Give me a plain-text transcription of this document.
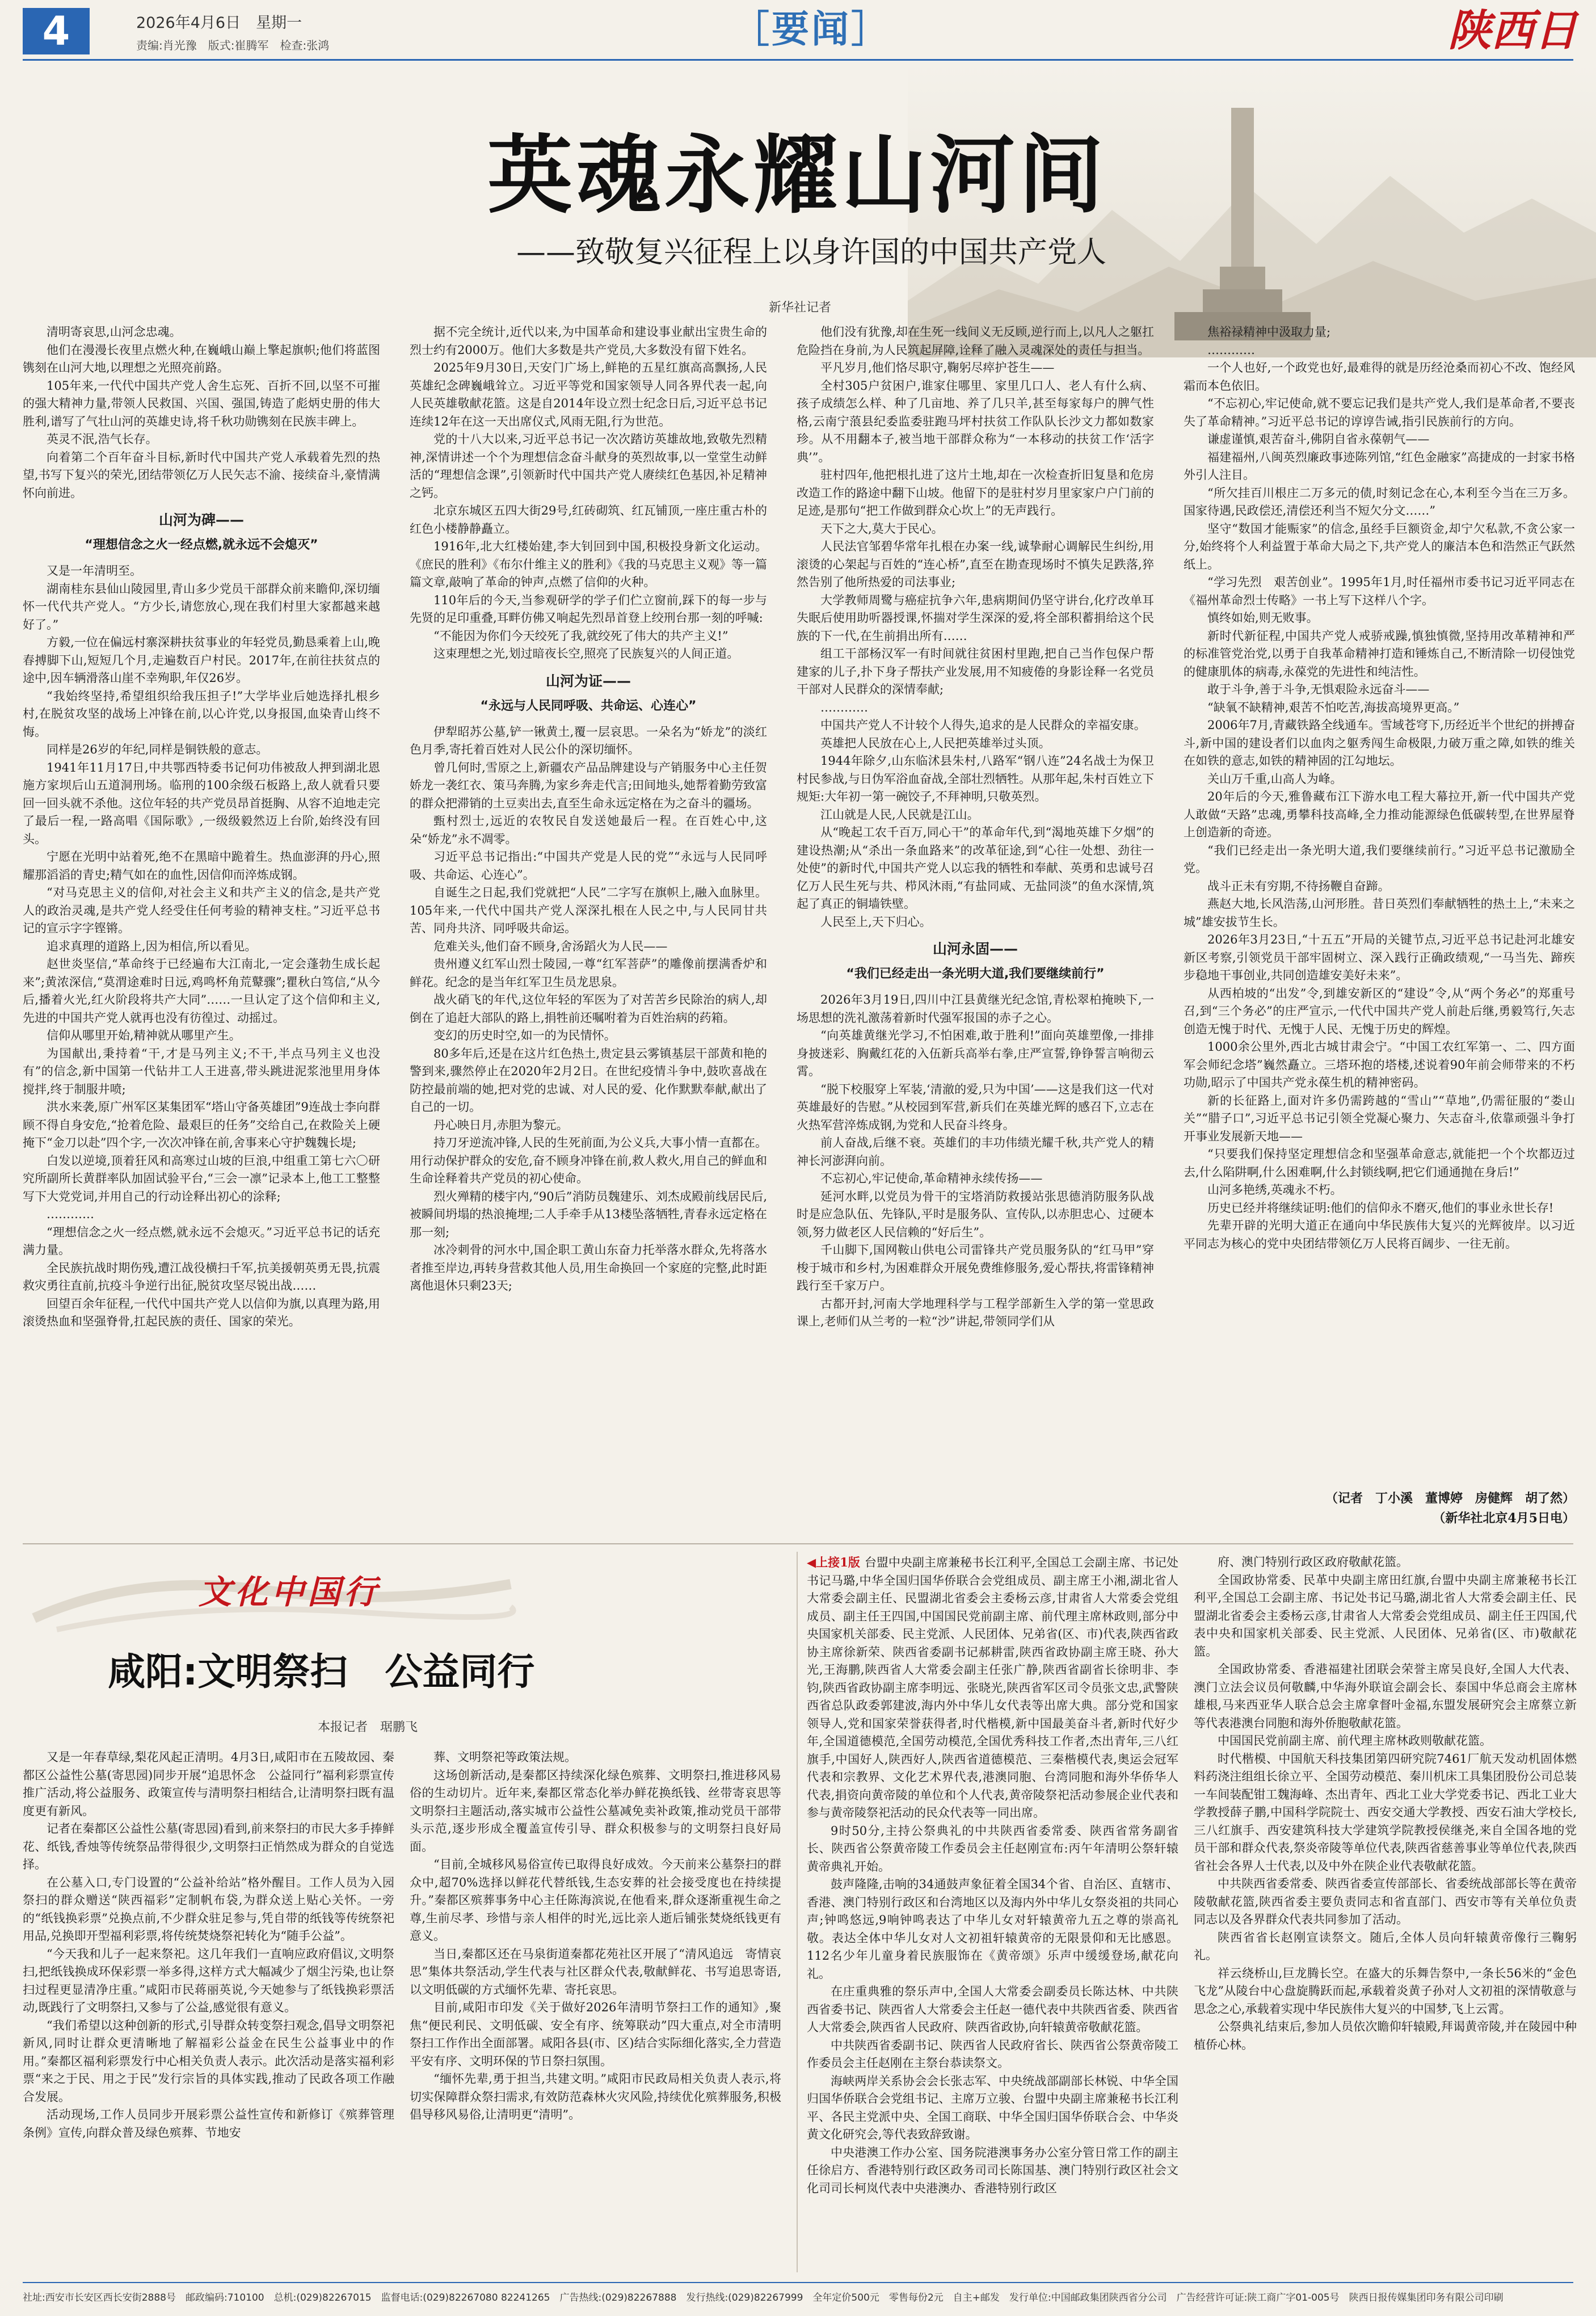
4	2026年4月6日　星期一
责编:肖光豫　版式:崔腾军　检查:张鸿	［要闻］	陕西日
英魂永耀山河间
——致敬复兴征程上以身许国的中国共产党人
新华社记者

清明寄哀思,山河念忠魂。

他们在漫漫长夜里点燃火种,在巍峨山巅上擎起旗帜;他们将蓝图镌刻在山河大地,以理想之光照亮前路。

105年来,一代代中国共产党人舍生忘死、百折不回,以坚不可摧的强大精神力量,带领人民救国、兴国、强国,铸造了彪炳史册的伟大胜利,谱写了气壮山河的英雄史诗,将千秋功勋镌刻在民族丰碑上。

英灵不泯,浩气长存。

向着第二个百年奋斗目标,新时代中国共产党人承载着先烈的热望,书写下复兴的荣光,团结带领亿万人民矢志不渝、接续奋斗,豪情满怀向前进。

山河为碑——
“理想信念之火一经点燃,就永远不会熄灭”

又是一年清明至。

湖南桂东县仙山陵园里,青山多少党员干部群众前来瞻仰,深切缅怀一代代共产党人。“方少长,请您放心,现在我们村里大家都越来越好了。”

方毅,一位在偏远村寨深耕扶贫事业的年轻党员,勤恳乘着上山,晚春搏脚下山,短短几个月,走遍数百户村民。2017年,在前往扶贫点的途中,因车辆滑落山崖不幸殉职,年仅26岁。

“我始终坚持,希望组织给我压担子!”大学毕业后她选择扎根乡村,在脱贫攻坚的战场上冲锋在前,以心许党,以身报国,血染青山终不悔。

同样是26岁的年纪,同样是铜铁般的意志。

1941年11月17日,中共鄂西特委书记何功伟被敌人押到湖北恩施方家坝后山五道洞刑场。临刑的100余级石板路上,敌人就看只要回一回头就不杀他。这位年轻的共产党员昂首挺胸、从容不迫地走完了最后一程,一路高唱《国际歌》,一级级毅然迈上台阶,始终没有回头。

宁愿在光明中站着死,绝不在黑暗中跪着生。热血澎湃的丹心,照耀那滔滔的青史;精气如在的血性,因信仰而淬炼成钢。

“对马克思主义的信仰,对社会主义和共产主义的信念,是共产党人的政治灵魂,是共产党人经受住任何考验的精神支柱。”习近平总书记的宣示字字铿锵。

追求真理的道路上,因为相信,所以看见。

赵世炎坚信,“革命终于已经遍布大江南北,一定会蓬勃生成长起来”;黄浓深信,“莫渭途难时日远,鸡鸣杯角荒鼙骤”;瞿秋白笃信,“从今后,播着火光,红火阶段将共产大同”……一旦认定了这个信仰和主义,先进的中国共产党人就再也没有彷徨过、动摇过。

信仰从哪里开始,精神就从哪里产生。

为国献出,秉持着“干,才是马列主义;不干,半点马列主义也没有”的信念,新中国第一代钻井工人王进喜,带头跳进泥浆池里用身体搅拌,终于制服井喷;

洪水来袭,原广州军区某集团军“塔山守备英雄团”9连战士李向群顾不得自身安危,“抢着危险、最艰巨的任务”交给自己,在救险关上硬掩下“金刀以赴”四个字,一次次冲锋在前,舍事来心守护魏魏长堤;

白发以逆境,顶着狂风和高寒过山坡的巨浪,中组重工第七六〇研究所副所长黄群率队加固试验平台,“三会一凛”记录本上,他工工整整写下大党党词,并用自己的行动诠释出初心的涂释;

…………

“理想信念之火一经点燃,就永远不会熄灭。”习近平总书记的话充满力量。

全民族抗战时期伤残,遭江战役横扫千军,抗美援朝英勇无畏,抗震救灾勇往直前,抗疫斗争逆行出征,脱贫攻坚尽锐出战……

回望百余年征程,一代代中国共产党人以信仰为旗,以真理为路,用滚烫热血和坚强脊骨,扛起民族的责任、国家的荣光。

据不完全统计,近代以来,为中国革命和建设事业献出宝贵生命的烈士约有2000万。他们大多数是共产党员,大多数没有留下姓名。

2025年9月30日,天安门广场上,鲜艳的五星红旗高高飘扬,人民英雄纪念碑巍峨耸立。习近平等党和国家领导人同各界代表一起,向人民英雄敬献花篮。这是自2014年设立烈士纪念日后,习近平总书记连续12年在这一天出席仪式,风雨无阻,行为世范。

党的十八大以来,习近平总书记一次次踏访英雄故地,致敬先烈精神,深情讲述一个个为理想信念奋斗献身的英烈故事,以一堂堂生动鲜活的“理想信念课”,引领新时代中国共产党人赓续红色基因,补足精神之钙。

北京东城区五四大街29号,红砖砌筑、红瓦铺顶,一座庄重古朴的红色小楼静静矗立。

1916年,北大红楼始建,李大钊回到中国,积极投身新文化运动。《庶民的胜利》《布尔什维主义的胜利》《我的马克思主义观》等一篇篇文章,敲响了革命的钟声,点燃了信仰的火种。

110年后的今天,当参观研学的学子们伫立窗前,踩下的每一步与先贤的足印重叠,耳畔仿佛又响起先烈昂首登上绞刑台那一刻的呼喊:

“不能因为你们今天绞死了我,就绞死了伟大的共产主义!”

这束理想之光,划过暗夜长空,照亮了民族复兴的人间正道。

山河为证——
“永远与人民同呼吸、共命运、心连心”

伊犁昭苏公墓,铲一锹黄土,覆一层哀思。一朵名为“娇龙”的淡红色月季,寄托着百姓对人民公仆的深切缅怀。

曾几何时,雪原之上,新疆农产品品牌建设与产销服务中心主任贺娇龙一袭红衣、策马奔腾,为家乡奔走代言;田间地头,她帮着勤劳致富的群众把滞销的土豆卖出去,直至生命永远定格在为之奋斗的疆场。

甄村烈士,远近的农牧民自发送她最后一程。在百姓心中,这朵“娇龙”永不凋零。

习近平总书记指出:“中国共产党是人民的党”“永远与人民同呼吸、共命运、心连心”。

自诞生之日起,我们党就把“人民”二字写在旗帜上,融入血脉里。105年来,一代代中国共产党人深深扎根在人民之中,与人民同甘共苦、同舟共济、同呼吸共命运。

危难关头,他们奋不顾身,舍汤蹈火为人民——

贵州遵义红军山烈士陵园,一尊“红军菩萨”的雕像前摆满香炉和鲜花。纪念的是当年红军卫生员龙思泉。

战火硝飞的年代,这位年轻的军医为了对苦苦乡民除治的病人,却倒在了追赶大部队的路上,捐牲前还嘱咐着为百姓治病的药箱。

变幻的历史时空,如一的为民情怀。

80多年后,还是在这片红色热土,贵定县云雾镇基层干部黄和艳的警到来,骤然停止在2020年2月2日。在世纪疫情斗争中,鼓吹喜战在防控最前端的她,把对党的忠诚、对人民的爱、化作默默奉献,献出了自己的一切。

丹心映日月,赤胆为黎元。

持刀牙逆流冲锋,人民的生死前面,为公义兵,大事小情一直都在。用行动保护群众的安危,奋不顾身冲锋在前,救人救火,用自己的鲜血和生命诠释着共产党员的初心使命。

烈火殚精的楼宇内,“90后”消防员魏建乐、刘杰成殿前线居民后,被瞬间坍塌的热浪掩埋;二人手牵手从13楼坠落牺牲,青春永远定格在那一刻;

冰冷刺骨的河水中,国企职工黄山东奋力托举落水群众,先将落水者推至岸边,再转身营救其他人员,用生命换回一个家庭的完整,此时距离他退休只剩23天;

他们没有犹豫,却在生死一线间义无反顾,逆行而上,以凡人之躯扛危险挡在身前,为人民筑起屏障,诠释了融入灵魂深处的责任与担当。

平凡岁月,他们恪尽职守,鞠躬尽瘁护苍生——

全村305户贫困户,谁家住哪里、家里几口人、老人有什么病、孩子成绩怎么样、种了几亩地、养了几只羊,甚至每家每户的脾气性格,云南宁蒗县纪委监委驻跑马坪村扶贫工作队队长沙文力都如数家珍。从不用翻本子,被当地干部群众称为“一本移动的扶贫工作‘活字典’”。

驻村四年,他把根扎进了这片土地,却在一次检查折旧复垦和危房改造工作的路途中翻下山坡。他留下的是驻村岁月里家家户户门前的足迹,是那句“把工作做到群众心坎上”的无声践行。

天下之大,莫大于民心。

人民法官邹碧华常年扎根在办案一线,诚挚耐心调解民生纠纷,用滚烫的心架起与百姓的“连心桥”,直至在勘查现场时不慎失足跌落,猝然告别了他所热爱的司法事业;

大学教师周鹭与癌症抗争六年,患病期间仍坚守讲台,化疗改单耳失眠后使用助听器授课,怀揣对学生深深的爱,将全部积蓄捐给这个民族的下一代,在生前捐出所有……

组工干部杨汉军一有时间就往贫困村里跑,把自己当作包保户帮建家的儿子,扑下身子帮扶产业发展,用不知疲倦的身影诠释一名党员干部对人民群众的深情奉献;

…………

中国共产党人不计较个人得失,追求的是人民群众的幸福安康。

英雄把人民放在心上,人民把英雄举过头顶。

1944年除夕,山东临沭县朱村,八路军“钢八连”24名战士为保卫村民参战,与日伪军浴血奋战,全部壮烈牺牲。从那年起,朱村百姓立下规矩:大年初一第一碗饺子,不拜神明,只敬英烈。

江山就是人民,人民就是江山。

从“晚起工农千百万,同心干”的革命年代,到“渴地英雄下夕烟”的建设热潮;从“杀出一条血路来”的改革征途,到“心往一处想、劲往一处使”的新时代,中国共产党人以忘我的牺牲和奉献、英勇和忠诚号召亿万人民生死与共、栉风沐雨,“有盐同咸、无盐同淡”的鱼水深情,筑起了真正的铜墙铁壁。

人民至上,天下归心。

山河永固——
“我们已经走出一条光明大道,我们要继续前行”

2026年3月19日,四川中江县黄继光纪念馆,青松翠柏掩映下,一场思想的洗礼激荡着新时代强军报国的赤子之心。

“向英雄黄继光学习,不怕困难,敢于胜利!”面向英雄塑像,一排排身披迷彩、胸戴红花的入伍新兵高举右拳,庄严宣誓,铮铮誓言响彻云霄。

“脱下校服穿上军装,‘清澈的爱,只为中国’——这是我们这一代对英雄最好的告慰。”从校园到军营,新兵们在英雄光辉的感召下,立志在火热军营淬炼成钢,为党和人民奋斗终身。

前人奋战,后继不衰。英雄们的丰功伟绩光耀千秋,共产党人的精神长河澎湃向前。

不忘初心,牢记使命,革命精神永续传扬——

延河水畔,以党员为骨干的宝塔消防救援站张思德消防服务队战时是应急队伍、先锋队,平时是服务队、宣传队,以赤胆忠心、过硬本领,努力做老区人民信赖的“好后生”。

千山脚下,国网鞍山供电公司雷锋共产党员服务队的“红马甲”穿梭于城市和乡村,为困难群众开展免费维修服务,爱心帮扶,将雷锋精神践行至千家万户。

古都开封,河南大学地理科学与工程学部新生入学的第一堂思政课上,老师们从兰考的一粒“沙”讲起,带领同学们从

焦裕禄精神中汲取力量;

…………

一个人也好,一个政党也好,最难得的就是历经沧桑而初心不改、饱经风霜而本色依旧。

“不忘初心,牢记使命,就不要忘记我们是共产党人,我们是革命者,不要丧失了革命精神。”习近平总书记的谆谆告诫,指引民族前行的方向。

谦虚谨慎,艰苦奋斗,佛阴自省永葆朝气——

福建福州,八闽英烈廉政事迹陈列馆,“红色金融家”高捷成的一封家书格外引人注目。

“所欠挂百川根庄二万多元的债,时刻记念在心,本利至今当在三万多。国家待遇,民政偿还,清偿还利当不短欠分文……”

坚守“数国才能赈家”的信念,虽经手巨额资金,却宁欠私款,不贪公家一分,始终将个人利益置于革命大局之下,共产党人的廉洁本色和浩然正气跃然纸上。

“学习先烈　艰苦创业”。1995年1月,时任福州市委书记习近平同志在《福州革命烈士传略》一书上写下这样八个字。

慎终如始,则无败事。

新时代新征程,中国共产党人戒骄戒躁,慎独慎微,坚持用改革精神和严的标准管党治党,以勇于自我革命精神打造和锤炼自己,不断清除一切侵蚀党的健康肌体的病毒,永葆党的先进性和纯洁性。

敢于斗争,善于斗争,无惧艰险永远奋斗——

“缺氧不缺精神,艰苦不怕吃苦,海拔高境界更高。”

2006年7月,青藏铁路全线通车。雪域苍穹下,历经近半个世纪的拼搏奋斗,新中国的建设者们以血肉之躯秀闯生命极限,力破万重之障,如铁的维关在如铁的意志,如铁的精神固的江勾地坛。

关山万千重,山高人为峰。

20年后的今天,雅鲁藏布江下游水电工程大幕拉开,新一代中国共产党人敢做“天路”忠魂,勇攀科技高峰,全力推动能源绿色低碳转型,在世界屋脊上创造新的奇迹。

“我们已经走出一条光明大道,我们要继续前行。”习近平总书记激励全党。

战斗正未有穷期,不待扬鞭自奋蹄。

燕赵大地,长风浩荡,山河形胜。昔日英烈们奉献牺牲的热土上,“未来之城”雄安拔节生长。

2026年3月23日,“十五五”开局的关键节点,习近平总书记赴河北雄安新区考察,引领党员干部牢固树立、深入践行正确政绩观,“一马当先、蹄疾步稳地干事创业,共同创造雄安美好未来”。

从西柏坡的“出发”令,到雄安新区的“建设”令,从“两个务必”的郑重号召,到“三个务必”的庄严宣示,一代代中国共产党人前赴后继,勇毅笃行,矢志创造无愧于时代、无愧于人民、无愧于历史的辉煌。

1000余公里外,西北古城甘肃会宁。“中国工农红军第一、二、四方面军会师纪念塔”巍然矗立。三塔环抱的塔楼,述说着90年前会师带来的不朽功勋,昭示了中国共产党永葆生机的精神密码。

新的长征路上,面对许多仍需跨越的“雪山”“草地”,仍需征服的“娄山关”“腊子口”,习近平总书记引领全党凝心聚力、矢志奋斗,依靠顽强斗争打开事业发展新天地——

“只要我们保持坚定理想信念和坚强革命意志,就能把一个个坎都迈过去,什么陷阱啊,什么困难啊,什么封锁线啊,把它们通通抛在身后!”

山河多艳绣,英魂永不朽。

历史已经并将继续证明:他们的信仰永不磨灭,他们的事业永世长存!

先辈开辟的光明大道正在通向中华民族伟大复兴的光辉彼岸。以习近平同志为核心的党中央团结带领亿万人民将百阔步、一往无前。

（记者　丁小溪　董博婷　房健辉　胡了然）
（新华社北京4月5日电）
文化中国行
咸阳:文明祭扫　公益同行
本报记者　琚鹏飞

又是一年春草绿,梨花风起正清明。4月3日,咸阳市在五陵故园、秦都区公益性公墓(寄思园)同步开展“追思怀念　公益同行”福利彩票宣传推广活动,将公益服务、政策宣传与清明祭扫相结合,让清明祭扫既有温度更有新风。

记者在秦都区公益性公墓(寄思园)看到,前来祭扫的市民大多手捧鲜花、纸钱,香烛等传统祭品带得很少,文明祭扫正悄然成为群众的自觉选择。

在公墓入口,专门设置的“公益补给站”格外醒目。工作人员为入园祭扫的群众赠送“陕西福彩”定制帆布袋,为群众送上贴心关怀。一旁的“纸钱换彩票”兑换点前,不少群众驻足参与,凭自带的纸钱等传统祭祀用品,兑换即开型福利彩票,将传统焚烧祭祀转化为“随手公益”。

“今天我和儿子一起来祭祀。这几年我们一直响应政府倡议,文明祭扫,把纸钱换成环保彩票一举多得,这样方式大幅减少了烟尘污染,也让祭扫过程更显清净庄重。”咸阳市民蒋丽英说,今天她参与了纸钱换彩票活动,既践行了文明祭扫,又参与了公益,感觉很有意义。

“我们希望以这种创新的形式,引导群众转变祭扫观念,倡导文明祭祀新风,同时让群众更清晰地了解福彩公益金在民生公益事业中的作用。”秦都区福利彩票发行中心相关负责人表示。此次活动是落实福利彩票“来之于民、用之于民”发行宗旨的具体实践,推动了民政各项工作融合发展。

活动现场,工作人员同步开展彩票公益性宣传和新修订《殡葬管理条例》宣传,向群众普及绿色殡葬、节地安

葬、文明祭祀等政策法规。

这场创新活动,是秦都区持续深化绿色殡葬、文明祭扫,推进移风易俗的生动切片。近年来,秦都区常态化举办鲜花换纸钱、丝带寄哀思等文明祭扫主题活动,落实城市公益性公墓减免卖补政策,推动党员干部带头示范,逐步形成全覆盖宣传引导、群众积极参与的文明祭扫良好局面。

“目前,全城移风易俗宣传已取得良好成效。今天前来公墓祭扫的群众中,超70%选择以鲜花代替纸钱,生态安葬的社会接受度也在持续提升。”秦都区殡葬事务中心主任陈海滨说,在他看来,群众逐渐重视生命之尊,生前尽孝、珍惜与亲人相伴的时光,远比亲人逝后铺张焚烧纸钱更有意义。

当日,秦都区还在马泉街道秦都花苑社区开展了“清风追远　寄情哀思”集体共祭活动,学生代表与社区群众代表,敬献鲜花、书写追思寄语,以文明低碳的方式缅怀先辈、寄托哀思。

目前,咸阳市印发《关于做好2026年清明节祭扫工作的通知》,聚焦“便民利民、文明低碳、安全有序、统筹联动”四大重点,对全市清明祭扫工作作出全面部署。咸阳各县(市、区)结合实际细化落实,全力营造平安有序、文明环保的节日祭扫氛围。

“缅怀先辈,勇于担当,共建文明。”咸阳市民政局相关负责人表示,将切实保障群众祭扫需求,有效防范森林火灾风险,持续优化殡葬服务,积极倡导移风易俗,让清明更“清明”。

◀上接1版 台盟中央副主席兼秘书长江利平,全国总工会副主席、书记处书记马璐,中华全国归国华侨联合会党组成员、副主席王小湘,湖北省人大常委会副主任、民盟湖北省委会主委杨云彦,甘肃省人大常委会党组成员、副主任王四国,中国国民党前副主席、前代理主席林政则,部分中央国家机关部委、民主党派、人民团体、兄弟省(区、市)代表,陕西省政协主席徐新荣、陕西省委副书记郝耕雷,陕西省政协副主席王晓、孙大光,王海鹏,陕西省人大常委会副主任张广静,陕西省副省长徐明非、李钧,陕西省政协副主席李明远、张晓光,陕西省军区司令员张文忠,武警陕西省总队政委郭建波,海内外中华儿女代表等出席大典。部分党和国家领导人,党和国家荣誉获得者,时代楷模,新中国最美奋斗者,新时代好少年,全国道德模范,全国劳动模范,全国优秀科技工作者,杰出青年,三八红旗手,中国好人,陕西好人,陕西省道德模范、三秦楷模代表,奥运会冠军代表和宗教界、文化艺术界代表,港澳同胞、台湾同胞和海外华侨华人代表,捐资向黄帝陵的单位和个人代表,黄帝陵祭祀活动参展企业代表和参与黄帝陵祭祀活动的民众代表等一同出席。

9时50分,主持公祭典礼的中共陕西省委常委、陕西省常务副省长、陕西省公祭黄帝陵工作委员会主任赵刚宣布:丙午年清明公祭轩辕黄帝典礼开始。

鼓声隆隆,击响的34通鼓声象征着全国34个省、自治区、直辖市、香港、澳门特别行政区和台湾地区以及海内外中华儿女祭炎祖的共同心声;钟鸣悠远,9响钟鸣表达了中华儿女对轩辕黄帝九五之尊的崇高礼敬。表达全体中华儿女对人文初祖轩辕黄帝的无限景仰和无比感恩。112名少年儿童身着民族服饰在《黄帝颂》乐声中缓缓登场,献花向礼。

在庄重典雅的祭乐声中,全国人大常委会副委员长陈达林、中共陕西省委书记、陕西省人大常委会主任赵一德代表中共陕西省委、陕西省人大常委会,陕西省人民政府、陕西省政协,向轩辕黄帝敬献花篮。

中共陕西省委副书记、陕西省人民政府省长、陕西省公祭黄帝陵工作委员会主任赵刚在主祭台恭读祭文。

海峡两岸关系协会会长张志军、中央统战部副部长林锐、中华全国归国华侨联合会党组书记、主席万立骏、台盟中央副主席兼秘书长江利平、各民主党派中央、全国工商联、中华全国归国华侨联合会、中华炎黄文化研究会,等代表致辞致谢。

中央港澳工作办公室、国务院港澳事务办公室分管日常工作的副主任徐启方、香港特别行政区政务司司长陈国基、澳门特别行政区社会文化司司长柯岚代表中央港澳办、香港特别行政区

府、澳门特别行政区政府敬献花篮。

全国政协常委、民革中央副主席田红旗,台盟中央副主席兼秘书长江利平,全国总工会副主席、书记处书记马璐,湖北省人大常委会副主任、民盟湖北省委会主委杨云彦,甘肃省人大常委会党组成员、副主任王四国,代表中央和国家机关部委、民主党派、人民团体、兄弟省(区、市)敬献花篮。

全国政协常委、香港福建社团联会荣誉主席吴良好,全国人大代表、澳门立法会议员何敬麟,中华海外联谊会副会长、泰国中华总商会主席林雄根,马来西亚华人联合总会主席拿督叶金福,东盟发展研究会主席蔡立新等代表港澳台同胞和海外侨胞敬献花篮。

中国国民党前副主席、前代理主席林政则敬献花篮。

时代楷模、中国航天科技集团第四研究院7461厂航天发动机固体燃料药浇注组组长徐立平、全国劳动模范、秦川机床工具集团股份公司总装一车间装配钳工魏海峰、杰出青年、西北工业大学党委书记、西北工业大学教授薛子鹏,中国科学院院士、西安交通大学教授、西安石油大学校长,三八红旗手、西安建筑科技大学建筑学院教授侯继尧,来自全国各地的党员干部和群众代表,祭炎帝陵等单位代表,陕西省慈善事业等单位代表,陕西省社会各界人士代表,以及中外在陕企业代表敬献花篮。

中共陕西省委常委、陕西省委宣传部部长、省委统战部部长等在黄帝陵敬献花篮,陕西省委主要负责同志和省直部门、西安市等有关单位负责同志以及各界群众代表共同参加了活动。

陕西省省长赵刚宣读祭文。随后,全体人员向轩辕黄帝像行三鞠躬礼。

祥云绕桥山,巨龙腾长空。在盛大的乐舞告祭中,一条长56米的“金色飞龙”从陵台中心盘旋腾跃而起,承载着炎黄子孙对人文初祖的深情敬意与思念之心,承载着实现中华民族伟大复兴的中国梦,飞上云霄。

公祭典礼结束后,参加人员依次瞻仰轩辕殿,拜谒黄帝陵,并在陵园中种植侨心林。

社址:西安市长安区西长安街2888号　邮政编码:710100　总机:(029)82267015　监督电话:(029)82267080 82241265　广告热线:(029)82267888　发行热线:(029)82267999　全年定价500元　零售每份2元　自主+邮发　发行单位:中国邮政集团陕西省分公司　广告经营许可证:陕工商广字01-005号　陕西日报传媒集团印务有限公司印刷
